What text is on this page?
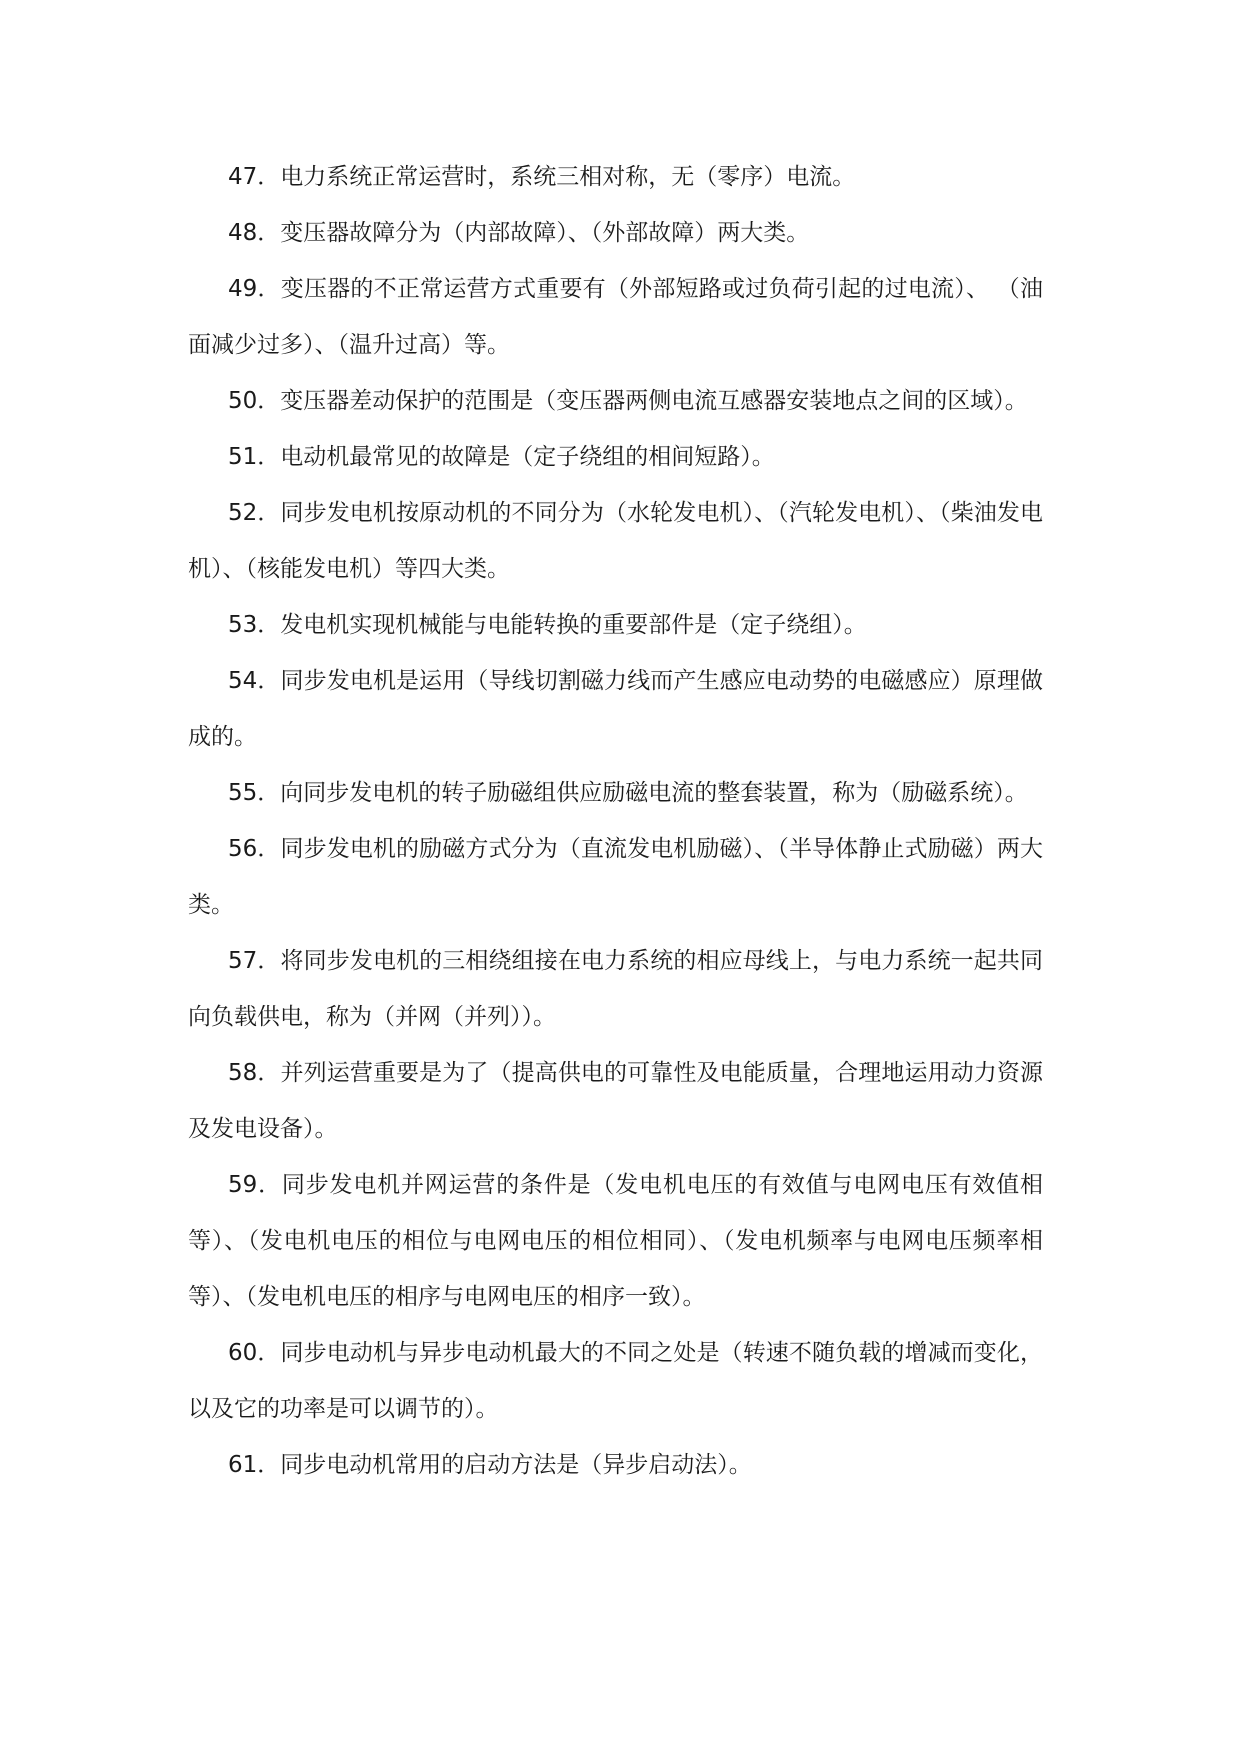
47．电力系统正常运营时，系统三相对称，无（零序）电流。

48．变压器故障分为（内部故障）、（外部故障）两大类。

49．变压器的不正常运营方式重要有（外部短路或过负荷引起的过电流）、 （油面减少过多）、（温升过高）等。

50．变压器差动保护的范围是（变压器两侧电流互感器安装地点之间的区域）。

51．电动机最常见的故障是（定子绕组的相间短路）。

52．同步发电机按原动机的不同分为（水轮发电机）、（汽轮发电机）、（柴油发电机）、（核能发电机）等四大类。

53．发电机实现机械能与电能转换的重要部件是（定子绕组）。

54．同步发电机是运用（导线切割磁力线而产生感应电动势的电磁感应）原理做成的。

55．向同步发电机的转子励磁组供应励磁电流的整套装置，称为（励磁系统）。

56．同步发电机的励磁方式分为（直流发电机励磁）、（半导体静止式励磁）两大类。

57．将同步发电机的三相绕组接在电力系统的相应母线上，与电力系统一起共同向负载供电，称为（并网（并列））。

58．并列运营重要是为了（提高供电的可靠性及电能质量，合理地运用动力资源及发电设备）。

59．同步发电机并网运营的条件是（发电机电压的有效值与电网电压有效值相等）、（发电机电压的相位与电网电压的相位相同）、（发电机频率与电网电压频率相等）、（发电机电压的相序与电网电压的相序一致）。

60．同步电动机与异步电动机最大的不同之处是（转速不随负载的增减而变化，以及它的功率是可以调节的）。

61．同步电动机常用的启动方法是（异步启动法）。
